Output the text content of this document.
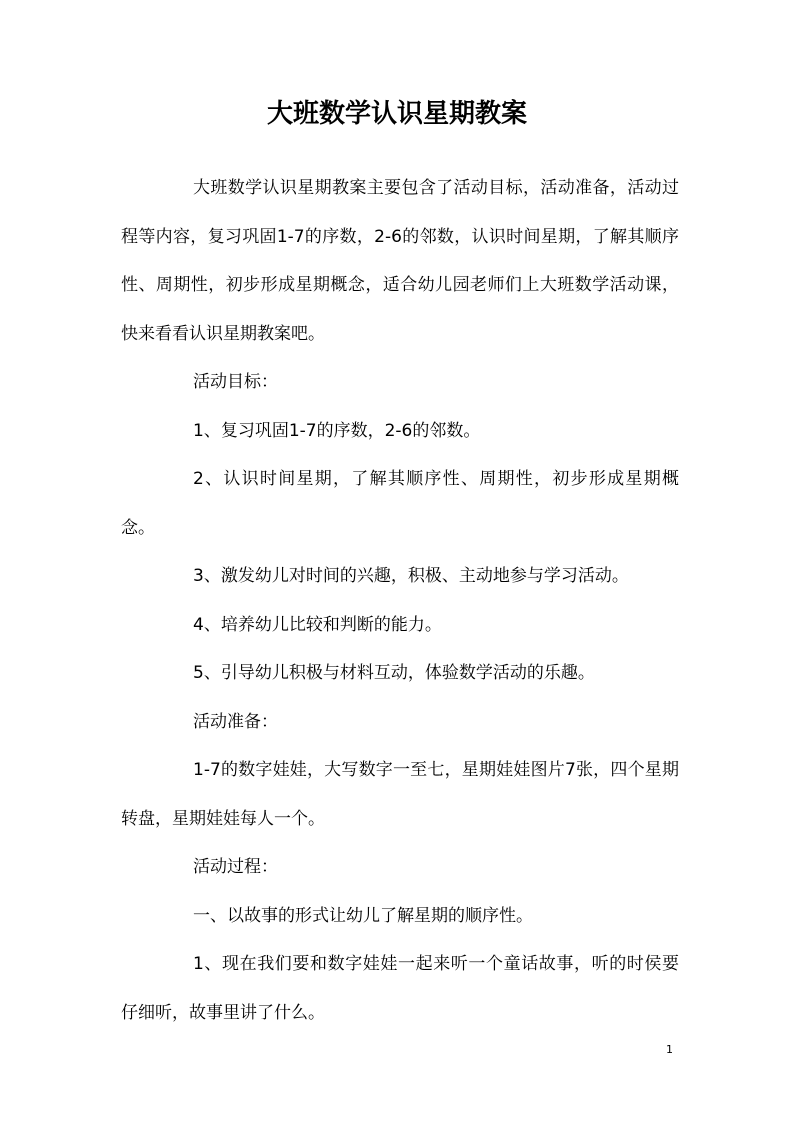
大班数学认识星期教案

大班数学认识星期教案主要包含了活动目标，活动准备，活动过程等内容，复习巩固1-7的序数，2-6的邻数，认识时间星期，了解其顺序性、周期性，初步形成星期概念，适合幼儿园老师们上大班数学活动课，快来看看认识星期教案吧。

活动目标：

1、复习巩固1-7的序数，2-6的邻数。

2、认识时间星期，了解其顺序性、周期性，初步形成星期概念。

3、激发幼儿对时间的兴趣，积极、主动地参与学习活动。

4、培养幼儿比较和判断的能力。

5、引导幼儿积极与材料互动，体验数学活动的乐趣。

活动准备：

1-7的数字娃娃，大写数字一至七，星期娃娃图片7张，四个星期转盘，星期娃娃每人一个。

活动过程：

一、以故事的形式让幼儿了解星期的顺序性。

1、现在我们要和数字娃娃一起来听一个童话故事，听的时侯要仔细听，故事里讲了什么。

1
